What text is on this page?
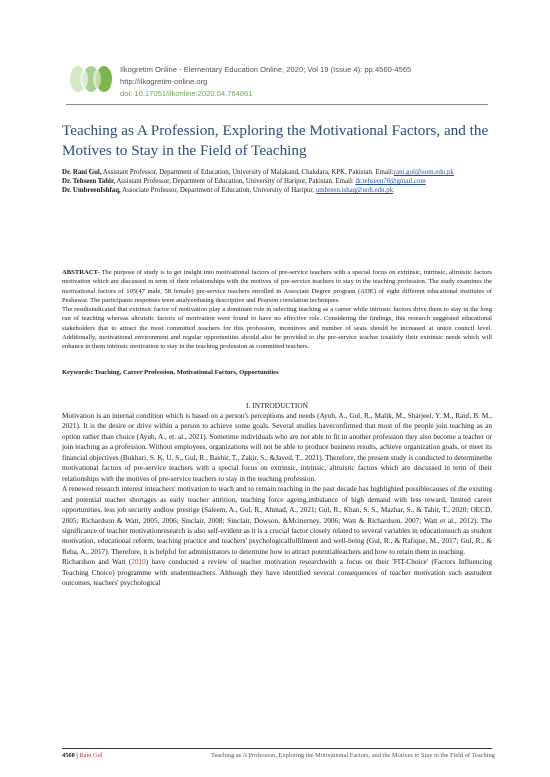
Ilkogretim Online - Elementary Education Online, 2020; Vol 19 (Issue 4): pp.4560-4565
http://ilkogretim-online.org
doi: 10.17051/ilkonline.2020.04.764861
Teaching as A Profession, Exploring the Motivational Factors, and the Motives to Stay in the Field of Teaching

Dr. Rani Gul, Assistant Professor, Department of Education, University of Malakand, Chakdara, KPK, Pakistan. Email:rani.gul@uom.edu.pk

Dr. Tehseen Tahir, Assistant Professor, Department of Education, University of Haripur, Pakistan. Email: dr.tehseen78@gmail.com

Dr. UmbreenIshfaq, Associate Professor, Department of Education, University of Haripur, umbreen.ishaq@uoh.edu.pk

ABSTRACT- The purpose of study is to get insight into motivational factors of pre-service teachers with a special focus on extrinsic, intrinsic, altruistic factors motivation which are discussed in term of their relationships with the motives of pre-service teachers to stay in the teaching profession. The study examines the motivational factors of 105(47 male, 58 female) pre-service teachers enrolled in Associate Degree program (ADE) of eight different educational institutes of Peshawar. The participants responses were analyzedusing descriptive and Pearson correlation techniques.

The resultsindicated that extrinsic factor of motivation play a dominant role in selecting teaching as a career while intrinsic factors drive them to stay in the long run of teaching whereas altruistic factors of motivation were found to have no effective role. Considering the findings, this research suggested educational stakeholders that to attract the most committed teachers for this profession, incentives and number of seats should be increased at union council level. Additionally, motivational environment and regular opportunities should also be provided to the pre-service teacher tosatisfy their extrinsic needs which will enhance in them intrinsic motivation to stay in the teaching profession as committed teachers.

Keywords: Teaching, Career Profession, Motivational Factors, Opportunities
I. INTRODUCTION

Motivation is an internal condition which is based on a person's perceptions and needs (Ayub, A., Gul, R., Malik, M., Sharjeel, Y. M., Rauf, B. M., 2021). It is the desire or drive within a person to achieve some goals. Several studies haveconfirmed that most of the people join teaching as an option rather than choice (Ayub, A., et. al., 2021). Sometime individuals who are not able to fit in another profession they also become a teacher or join teaching as a profession. Without employees, organizations will not be able to produce business results, achieve organization goals, or meet its financial objectives (Bukhari, S. K. U. S., Gul, R., Bashir, T., Zakir, S., &Javed, T., 2021). Therefore, the present study is conducted to determinethe motivational factors of pre-service teachers with a special focus on extrinsic, intrinsic, altruistic factors which are discussed in term of their relationships with the motives of pre-service teachers to stay in the teaching profession.

A renewed research interest inteachers' motivation to teach and to remain teaching in the past decade has highlighted possiblecauses of the existing and potential teacher shortages as early teacher attrition, teaching force ageing,imbalance of high demand with less reward, limited career opportunities, less job security andlow prestige (Saleem, A., Gul, R., Ahmad, A., 2021; Gul, R., Khan, S. S., Mazhar, S., & Tahir, T., 2020; OECD, 2005; Richardson & Watt, 2005, 2006; Sinclair, 2008; Sinclair, Dowson, &Mcinerney, 2006; Watt & Richardson, 2007; Watt et al., 2012). The significance of teacher motivationresearch is also self-evident as it is a crucial factor closely related to several variables in educationsuch as student motivation, educational reform, teaching practice and teachers' psychologicalfulfilment and well-being (Gul, R., & Rafique, M., 2017; Gul, R., & Reba, A., 2017). Therefore, it is helpful for administrators to determine how to attract potentialteachers and how to retain them in teaching.

Richardson and Watt (2010) have conducted a review of teacher motivation researchwith a focus on their 'FIT-Choice' (Factors Influencing Teaching Choice) programme with studentteachers. Although they have identified several consequences of teacher motivation such asstudent outcomes, teachers' psychological

4560 | Rani Gul	Teaching as A Profession, Exploring the Motivational Factors, and the Motives to Stay in the Field of Teaching
